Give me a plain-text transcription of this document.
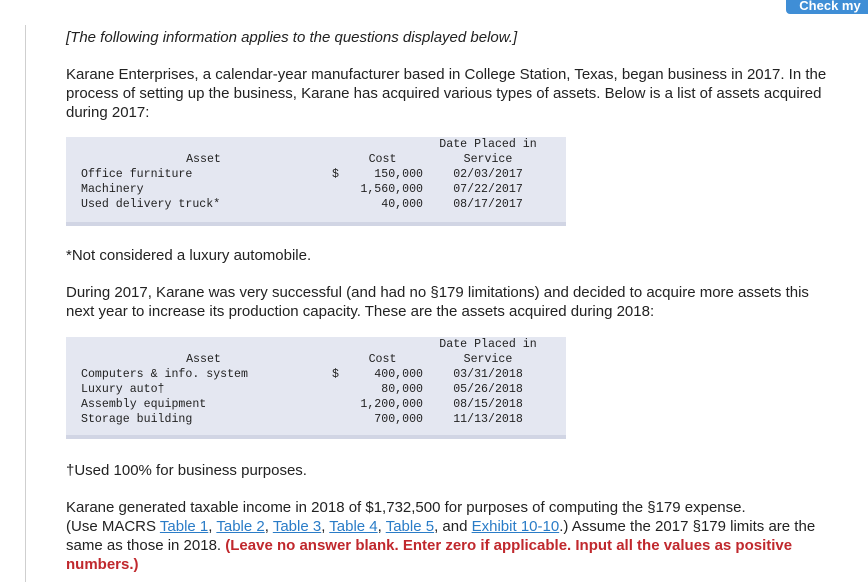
Check my

[The following information applies to the questions displayed below.]

Karane Enterprises, a calendar-year manufacturer based in College Station, Texas, began business in 2017. In the process of setting up the business, Karane has acquired various types of assets. Below is a list of assets acquired during 2017:

Date Placed in
Asset	Cost	Service
Office furniture	$	150,000	02/03/2017
Machinery	1,560,000	07/22/2017
Used delivery truck*	40,000	08/17/2017

*Not considered a luxury automobile.

During 2017, Karane was very successful (and had no §179 limitations) and decided to acquire more assets this next year to increase its production capacity. These are the assets acquired during 2018:

Date Placed in
Asset	Cost	Service
Computers & info. system	$	400,000	03/31/2018
Luxury auto†	80,000	05/26/2018
Assembly equipment	1,200,000	08/15/2018
Storage building	700,000	11/13/2018

†Used 100% for business purposes.

Karane generated taxable income in 2018 of $1,732,500 for purposes of computing the §179 expense.
(Use MACRS Table 1, Table 2, Table 3, Table 4, Table 5, and Exhibit 10-10.) Assume the 2017 §179 limits are the same as those in 2018. (Leave no answer blank. Enter zero if applicable. Input all the values as positive numbers.)
